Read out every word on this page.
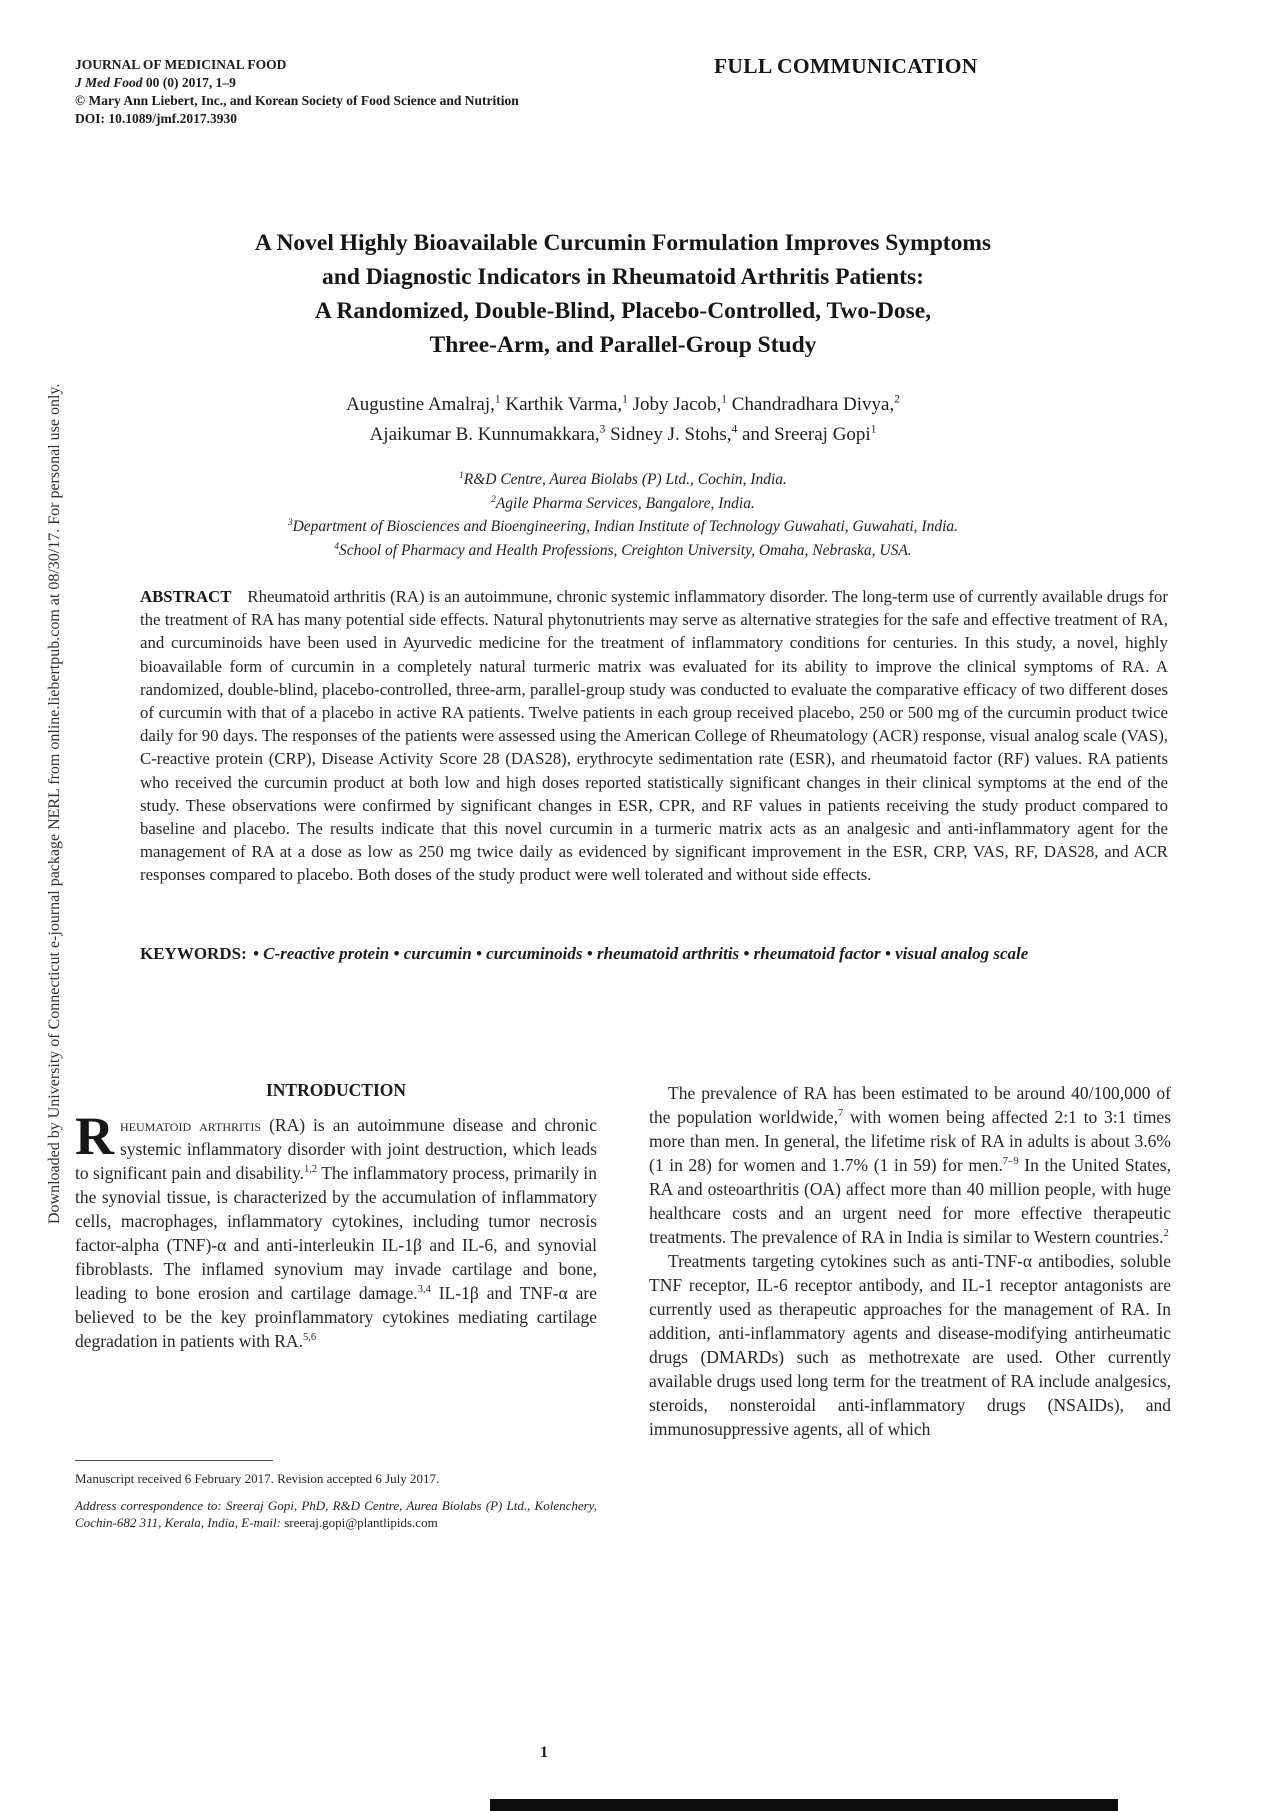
JOURNAL OF MEDICINAL FOOD
J Med Food 00 (0) 2017, 1–9
© Mary Ann Liebert, Inc., and Korean Society of Food Science and Nutrition
DOI: 10.1089/jmf.2017.3930
FULL COMMUNICATION
Downloaded by University of Connecticut e-journal package NERL from online.liebertpub.com at 08/30/17. For personal use only.
A Novel Highly Bioavailable Curcumin Formulation Improves Symptoms
and Diagnostic Indicators in Rheumatoid Arthritis Patients:
A Randomized, Double-Blind, Placebo-Controlled, Two-Dose,
Three-Arm, and Parallel-Group Study
Augustine Amalraj,$^1$ Karthik Varma,$^1$ Joby Jacob,$^1$ Chandradhara Divya,$^2$
Ajaikumar B. Kunnumakkara,$^3$ Sidney J. Stohs,$^4$ and Sreeraj Gopi$^1$
$^1$R&D Centre, Aurea Biolabs (P) Ltd., Cochin, India.
$^2$Agile Pharma Services, Bangalore, India.
$^3$Department of Biosciences and Bioengineering, Indian Institute of Technology Guwahati, Guwahati, India.
$^4$School of Pharmacy and Health Professions, Creighton University, Omaha, Nebraska, USA.
ABSTRACT Rheumatoid arthritis (RA) is an autoimmune, chronic systemic inflammatory disorder. The long-term use of currently available drugs for the treatment of RA has many potential side effects. Natural phytonutrients may serve as alternative strategies for the safe and effective treatment of RA, and curcuminoids have been used in Ayurvedic medicine for the treatment of inflammatory conditions for centuries. In this study, a novel, highly bioavailable form of curcumin in a completely natural turmeric matrix was evaluated for its ability to improve the clinical symptoms of RA. A randomized, double-blind, placebo-controlled, three-arm, parallel-group study was conducted to evaluate the comparative efficacy of two different doses of curcumin with that of a placebo in active RA patients. Twelve patients in each group received placebo, 250 or 500 mg of the curcumin product twice daily for 90 days. The responses of the patients were assessed using the American College of Rheumatology (ACR) response, visual analog scale (VAS), C-reactive protein (CRP), Disease Activity Score 28 (DAS28), erythrocyte sedimentation rate (ESR), and rheumatoid factor (RF) values. RA patients who received the curcumin product at both low and high doses reported statistically significant changes in their clinical symptoms at the end of the study. These observations were confirmed by significant changes in ESR, CPR, and RF values in patients receiving the study product compared to baseline and placebo. The results indicate that this novel curcumin in a turmeric matrix acts as an analgesic and anti-inflammatory agent for the management of RA at a dose as low as 250 mg twice daily as evidenced by significant improvement in the ESR, CRP, VAS, RF, DAS28, and ACR responses compared to placebo. Both doses of the study product were well tolerated and without side effects.
KEYWORDS: • C-reactive protein • curcumin • curcuminoids • rheumatoid arthritis • rheumatoid factor • visual analog scale
INTRODUCTION

Rheumatoid arthritis (RA) is an autoimmune disease and chronic systemic inflammatory disorder with joint destruction, which leads to significant pain and disability.$^{1,2}$ The inflammatory process, primarily in the synovial tissue, is characterized by the accumulation of inflammatory cells, macrophages, inflammatory cytokines, including tumor necrosis factor-alpha (TNF)-α and anti-interleukin IL-1β and IL-6, and synovial fibroblasts. The inflamed synovium may invade cartilage and bone, leading to bone erosion and cartilage damage.$^{3,4}$ IL-1β and TNF-α are believed to be the key proinflammatory cytokines mediating cartilage degradation in patients with RA.$^{5,6}$

Manuscript received 6 February 2017. Revision accepted 6 July 2017.
Address correspondence to: Sreeraj Gopi, PhD, R&D Centre, Aurea Biolabs (P) Ltd., Kolenchery, Cochin-682 311, Kerala, India, E-mail: sreeraj.gopi@plantlipids.com

The prevalence of RA has been estimated to be around 40/100,000 of the population worldwide,$^7$ with women being affected 2:1 to 3:1 times more than men. In general, the lifetime risk of RA in adults is about 3.6% (1 in 28) for women and 1.7% (1 in 59) for men.$^{7-9}$ In the United States, RA and osteoarthritis (OA) affect more than 40 million people, with huge healthcare costs and an urgent need for more effective therapeutic treatments. The prevalence of RA in India is similar to Western countries.$^2$

Treatments targeting cytokines such as anti-TNF-α antibodies, soluble TNF receptor, IL-6 receptor antibody, and IL-1 receptor antagonists are currently used as therapeutic approaches for the management of RA. In addition, anti-inflammatory agents and disease-modifying antirheumatic drugs (DMARDs) such as methotrexate are used. Other currently available drugs used long term for the treatment of RA include analgesics, steroids, nonsteroidal anti-inflammatory drugs (NSAIDs), and immunosuppressive agents, all of which

1
